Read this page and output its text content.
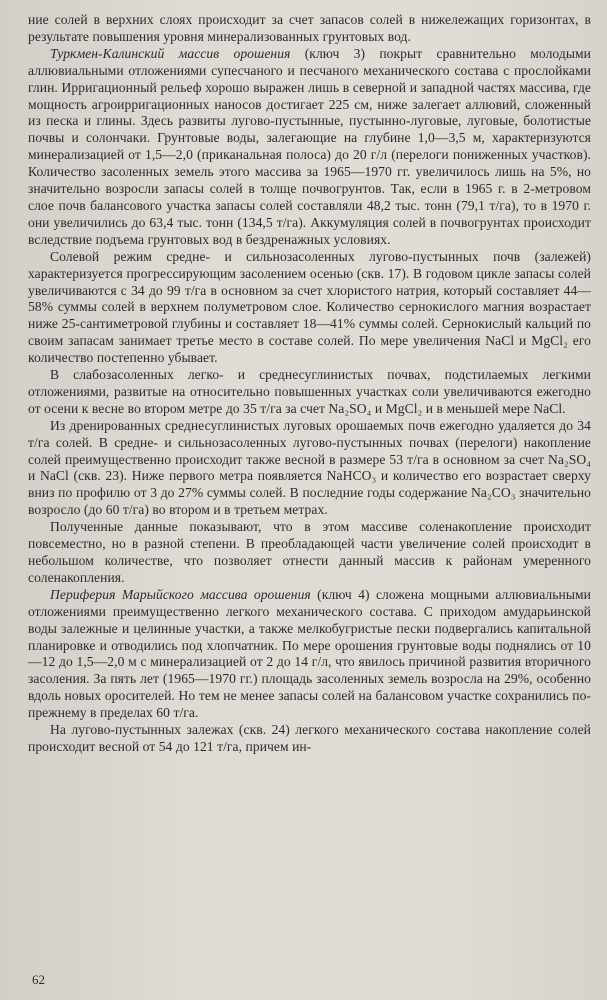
ние солей в верхних слоях происходит за счет запасов солей в нижележащих горизонтах, в результате повышения уровня минерализованных грунтовых вод.

Туркмен-Калинский массив орошения (ключ 3) покрыт сравнительно молодыми аллювиальными отложениями супесчаного и песчаного механического состава с прослойками глин. Ирригационный рельеф хорошо выражен лишь в северной и западной частях массива, где мощность агроирригационных наносов достигает 225 см, ниже залегает аллювий, сложенный из песка и глины. Здесь развиты лугово-пустынные, пустынно-луговые, луговые, болотистые почвы и солончаки. Грунтовые воды, залегающие на глубине 1,0—3,5 м, характеризуются минерализацией от 1,5—2,0 (приканальная полоса) до 20 г/л (перелоги пониженных участков). Количество засоленных земель этого массива за 1965—1970 гг. увеличилось лишь на 5%, но значительно возросли запасы солей в толще почвогрунтов. Так, если в 1965 г. в 2-метровом слое почв балансового участка запасы солей составляли 48,2 тыс. тонн (79,1 т/га), то в 1970 г. они увеличились до 63,4 тыс. тонн (134,5 т/га). Аккумуляция солей в почвогрунтах происходит вследствие подъема грунтовых вод в бездренажных условиях.

Солевой режим средне- и сильнозасоленных лугово-пустынных почв (залежей) характеризуется прогрессирующим засолением осенью (скв. 17). В годовом цикле запасы солей увеличиваются с 34 до 99 т/га в основном за счет хлористого натрия, который составляет 44—58% суммы солей в верхнем полуметровом слое. Количество сернокислого магния возрастает ниже 25-сантиметровой глубины и составляет 18—41% суммы солей. Сернокислый кальций по своим запасам занимает третье место в составе солей. По мере увеличения NaCl и MgCl₂ его количество постепенно убывает.

В слабозасоленных легко- и среднесуглинистых почвах, подстилаемых легкими отложениями, развитые на относительно повышенных участках соли увеличиваются ежегодно от осени к весне во втором метре до 35 т/га за счет Na₂SO₄ и MgCl₂ и в меньшей мере NaCl.

Из дренированных среднесуглинистых луговых орошаемых почв ежегодно удаляется до 34 т/га солей. В средне- и сильнозасоленных лугово-пустынных почвах (перелоги) накопление солей преимущественно происходит также весной в размере 53 т/га в основном за счет Na₂SO₄ и NaCl (скв. 23). Ниже первого метра появляется NaHCO₃ и количество его возрастает сверху вниз по профилю от 3 до 27% суммы солей. В последние годы содержание Na₂CO₃ значительно возросло (до 60 т/га) во втором и в третьем метрах.

Полученные данные показывают, что в этом массиве соленакопление происходит повсеместно, но в разной степени. В преобладающей части увеличение солей происходит в небольшом количестве, что позволяет отнести данный массив к районам умеренного соленакопления.

Периферия Марыйского массива орошения (ключ 4) сложена мощными аллювиальными отложениями преимущественно легкого механического состава. С приходом амударьинской воды залежные и целинные участки, а также мелкобугристые пески подвергались капитальной планировке и отводились под хлопчатник. По мере орошения грунтовые воды поднялись от 10—12 до 1,5—2,0 м с минерализацией от 2 до 14 г/л, что явилось причиной развития вторичного засоления. За пять лет (1965—1970 гг.) площадь засоленных земель возросла на 29%, особенно вдоль новых оросителей. Но тем не менее запасы солей на балансовом участке сохранились по-прежнему в пределах 60 т/га.

На лугово-пустынных залежах (скв. 24) легкого механического состава накопление солей происходит весной от 54 до 121 т/га, причем ин-

62
